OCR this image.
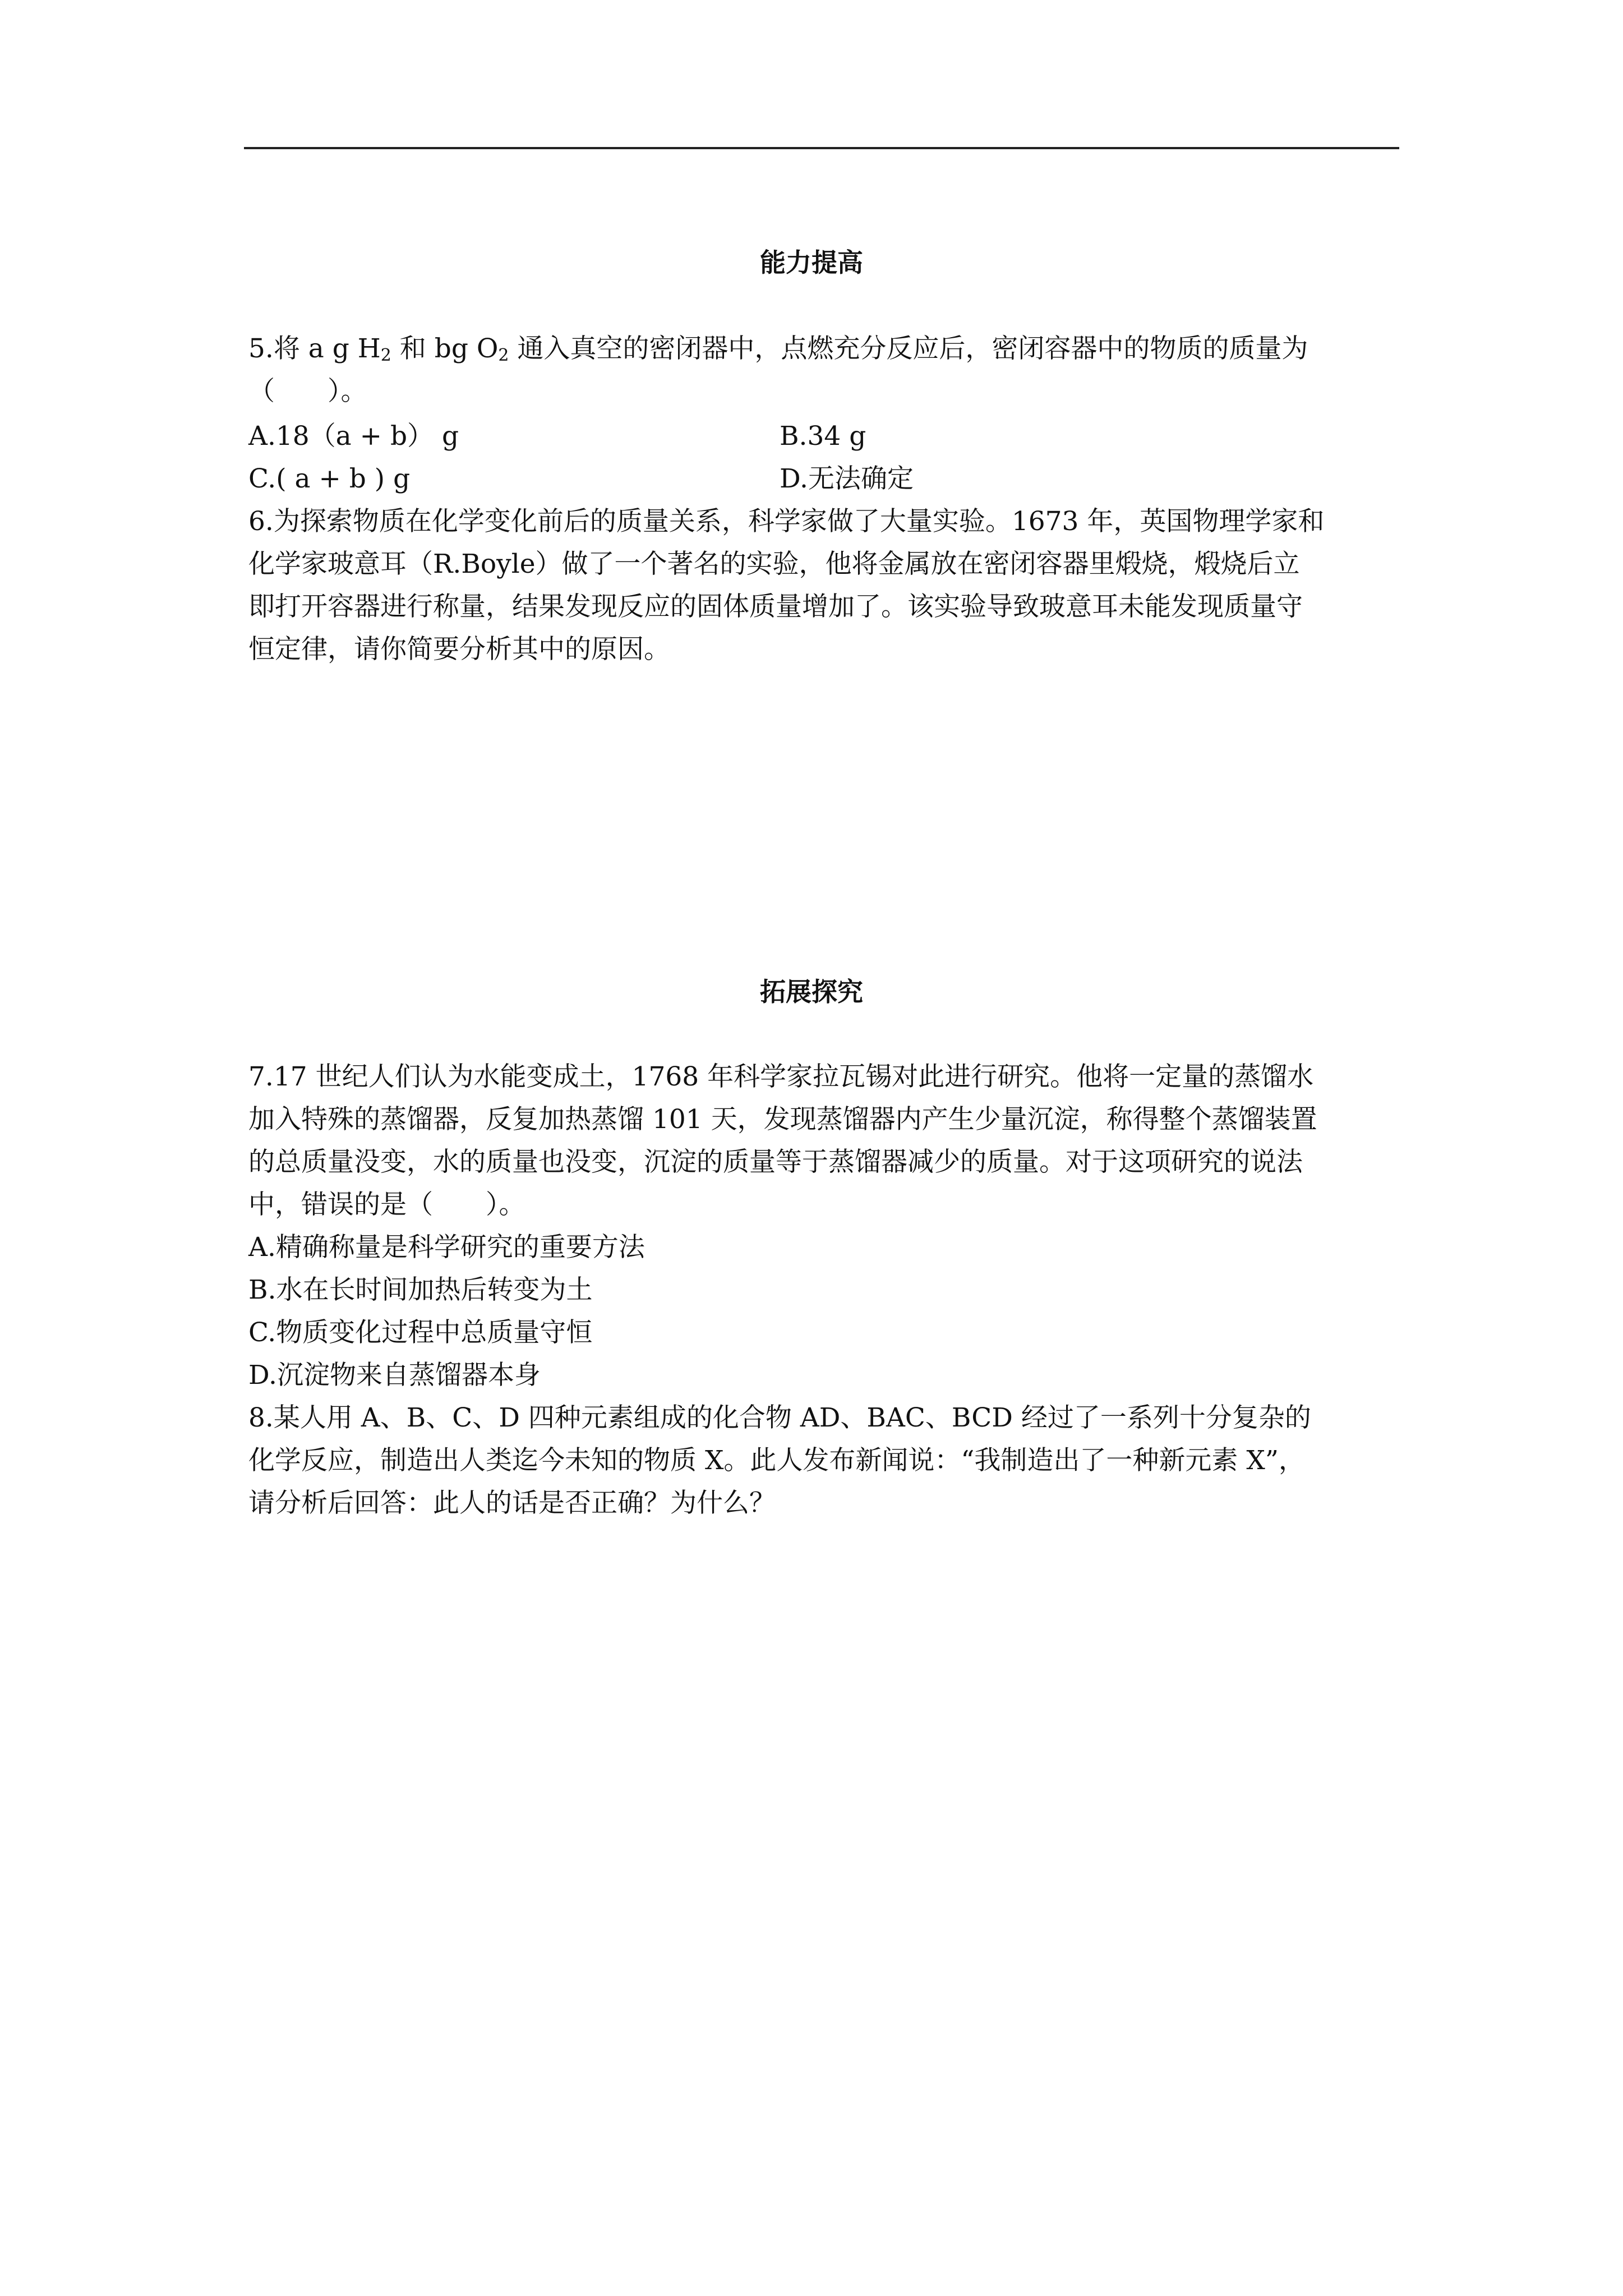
能力提高
5.将 a g $H_2$ 和 bg $O_2$ 通入真空的密闭器中，点燃充分反应后，密闭容器中的物质的质量为
（　　）。
A.18（a + b） g	B.34 g
C.( a + b ) g	D.无法确定
6.为探索物质在化学变化前后的质量关系，科学家做了大量实验。1673 年，英国物理学家和
化学家玻意耳（R.Boyle）做了一个著名的实验，他将金属放在密闭容器里煅烧，煅烧后立
即打开容器进行称量，结果发现反应的固体质量增加了。该实验导致玻意耳未能发现质量守
恒定律，请你简要分析其中的原因。
拓展探究
7.17 世纪人们认为水能变成土，1768 年科学家拉瓦锡对此进行研究。他将一定量的蒸馏水
加入特殊的蒸馏器，反复加热蒸馏 101 天，发现蒸馏器内产生少量沉淀，称得整个蒸馏装置
的总质量没变，水的质量也没变，沉淀的质量等于蒸馏器减少的质量。对于这项研究的说法
中，错误的是（　　）。
A.精确称量是科学研究的重要方法
B.水在长时间加热后转变为土
C.物质变化过程中总质量守恒
D.沉淀物来自蒸馏器本身
8.某人用 A、B、C、D 四种元素组成的化合物 AD、BAC、BCD 经过了一系列十分复杂的
化学反应，制造出人类迄今未知的物质 X。此人发布新闻说：“我制造出了一种新元素 X”，
请分析后回答：此人的话是否正确？为什么？
